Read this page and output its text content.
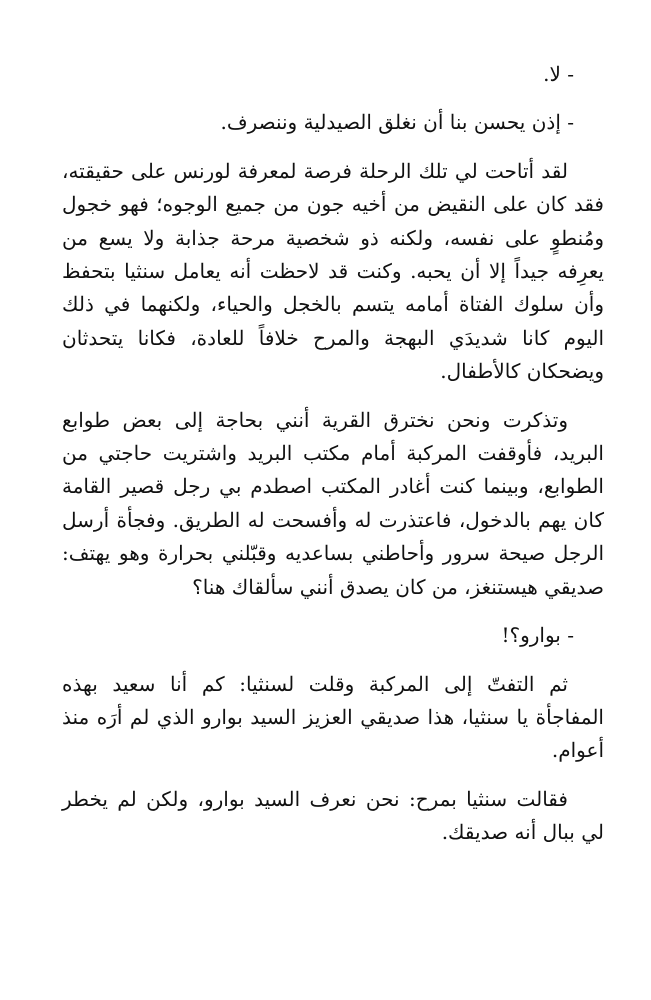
- لا.

- إذن يحسن بنا أن نغلق الصيدلية وننصرف.

لقد أتاحت لي تلك الرحلة فرصة لمعرفة لورنس على حقيقته، فقد كان على النقيض من أخيه جون من جميع الوجوه؛ فهو خجول ومُنطوٍ على نفسه، ولكنه ذو شخصية مرحة جذابة ولا يسع من يعرِفه جيداً إلا أن يحبه. وكنت قد لاحظت أنه يعامل سنثيا بتحفظ وأن سلوك الفتاة أمامه يتسم بالخجل والحياء، ولكنهما في ذلك اليوم كانا شديدَي البهجة والمرح خلافاً للعادة، فكانا يتحدثان ويضحكان كالأطفال.

وتذكرت ونحن نخترق القرية أنني بحاجة إلى بعض طوابع البريد، فأوقفت المركبة أمام مكتب البريد واشتريت حاجتي من الطوابع، وبينما كنت أغادر المكتب اصطدم بي رجل قصير القامة كان يهم بالدخول، فاعتذرت له وأفسحت له الطريق. وفجأة أرسل الرجل صيحة سرور وأحاطني بساعديه وقبّلني بحرارة وهو يهتف: صديقي هيستنغز، من كان يصدق أنني سألقاك هنا؟

- بوارو؟!

ثم التفتّ إلى المركبة وقلت لسنثيا: كم أنا سعيد بهذه المفاجأة يا سنثيا، هذا صديقي العزيز السيد بوارو الذي لم أرَه منذ أعوام.

فقالت سنثيا بمرح: نحن نعرف السيد بوارو، ولكن لم يخطر لي ببال أنه صديقك.
